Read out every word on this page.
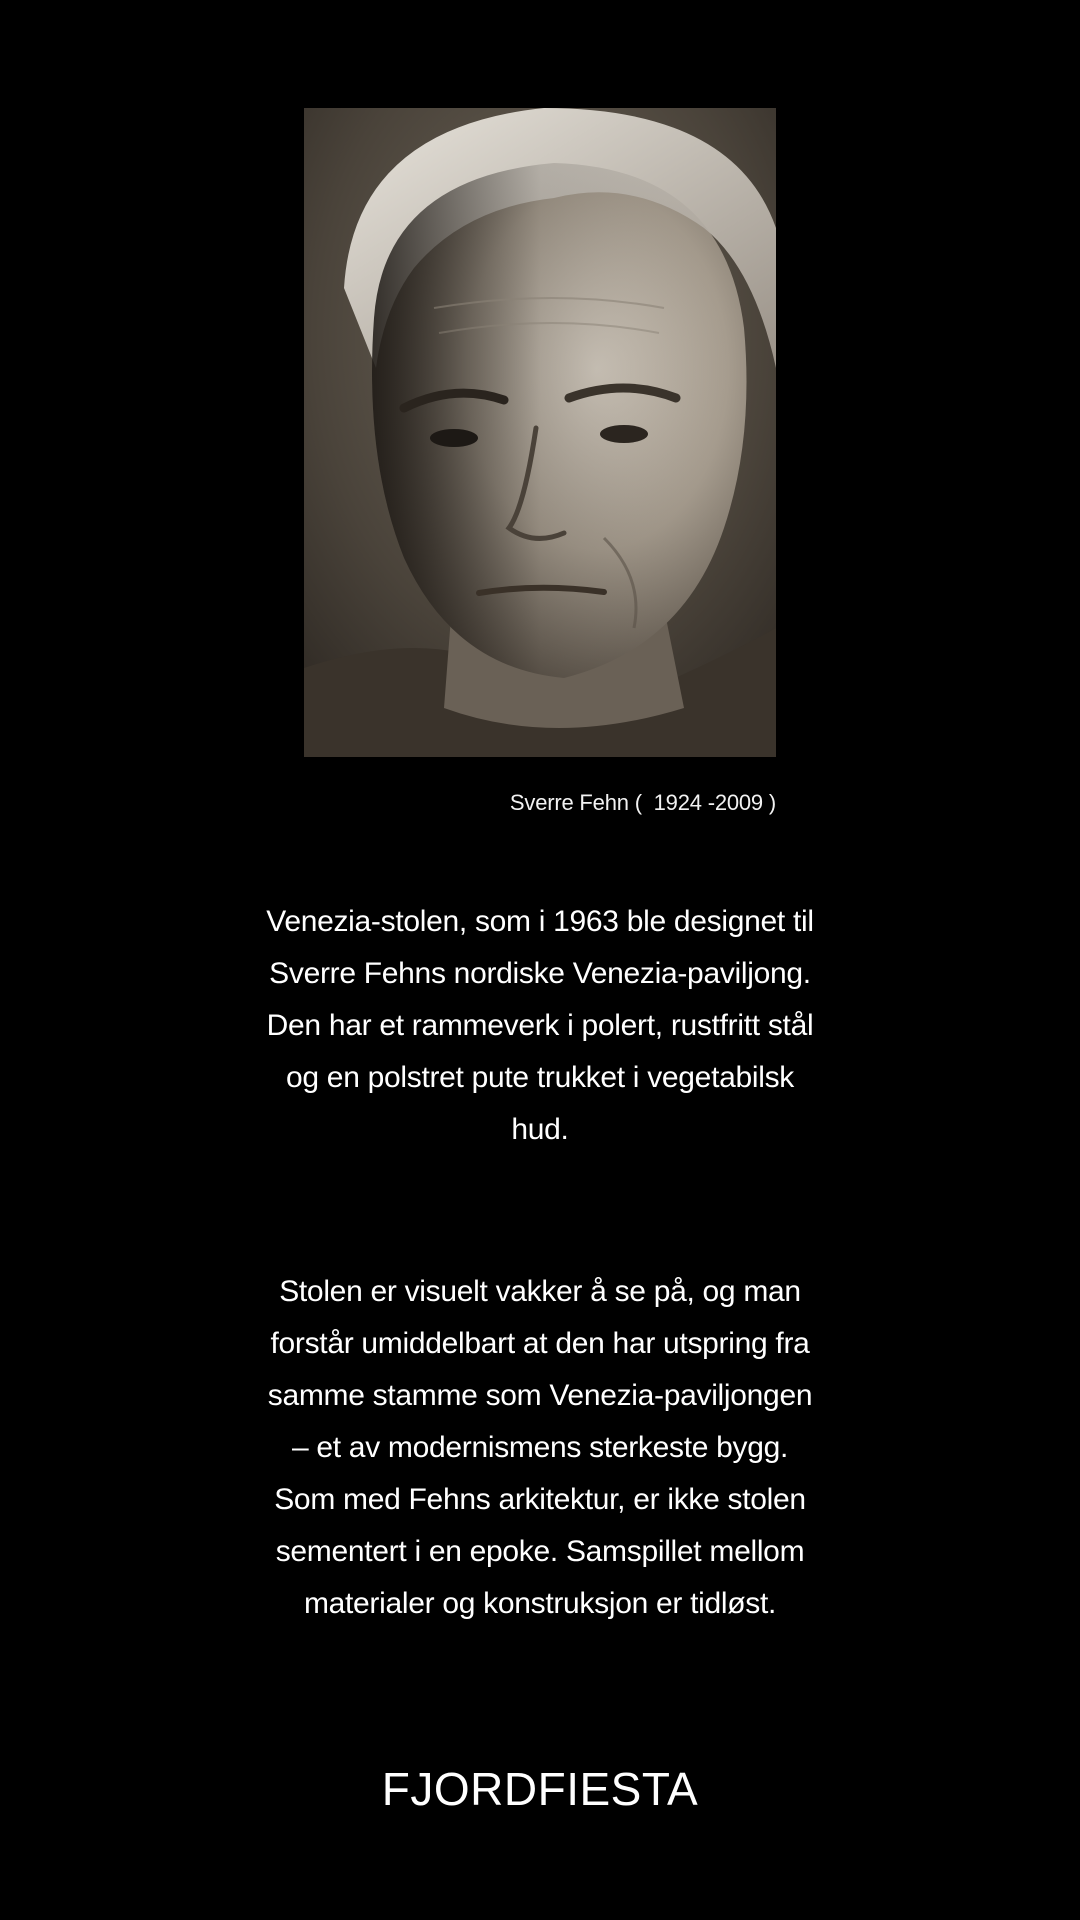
Sverre Fehn (  1924 -2009 )
Venezia-stolen, som i 1963 ble designet til Sverre Fehns nordiske Venezia-paviljong. Den har et rammeverk i polert, rustfritt stål og en polstret pute trukket i vegetabilsk hud.
Stolen er visuelt vakker å se på, og man forstår umiddelbart at den har utspring fra samme stamme som Venezia-paviljongen – et av modernismens sterkeste bygg. Som med Fehns arkitektur, er ikke stolen sementert i en epoke. Samspillet mellom materialer og konstruksjon er tidløst.
FJORDFIESTA
